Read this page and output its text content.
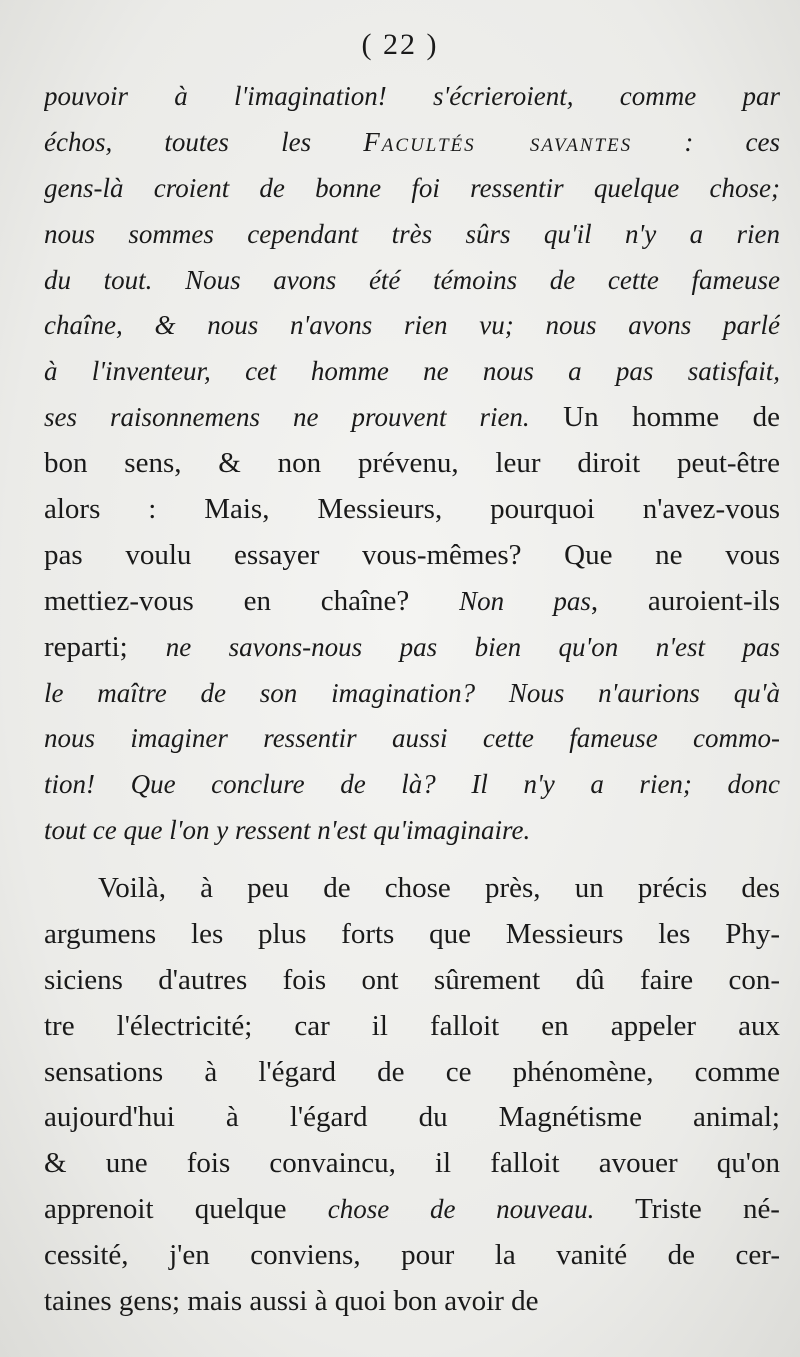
( 22 )
pouvoir à l'imagination! s'écrieroient, comme par
échos, toutes les Facultés savantes : ces
gens-là croient de bonne foi ressentir quelque chose;
nous sommes cependant très sûrs qu'il n'y a rien
du tout. Nous avons été témoins de cette fameuse
chaîne, & nous n'avons rien vu; nous avons parlé
à l'inventeur, cet homme ne nous a pas satisfait,
ses raisonnemens ne prouvent rien. Un homme de
bon sens, & non prévenu, leur diroit peut-être
alors : Mais, Messieurs, pourquoi n'avez-vous
pas voulu essayer vous-mêmes? Que ne vous
mettiez-vous en chaîne? Non pas, auroient-ils
reparti; ne savons-nous pas bien qu'on n'est pas
le maître de son imagination? Nous n'aurions qu'à
nous imaginer ressentir aussi cette fameuse commo-
tion! Que conclure de là? Il n'y a rien; donc
tout ce que l'on y ressent n'est qu'imaginaire.
Voilà, à peu de chose près, un précis des
argumens les plus forts que Messieurs les Phy-
siciens d'autres fois ont sûrement dû faire con-
tre l'électricité; car il falloit en appeler aux
sensations à l'égard de ce phénomène, comme
aujourd'hui à l'égard du Magnétisme animal;
& une fois convaincu, il falloit avouer qu'on
apprenoit quelque chose de nouveau. Triste né-
cessité, j'en conviens, pour la vanité de cer-
taines gens; mais aussi à quoi bon avoir de
